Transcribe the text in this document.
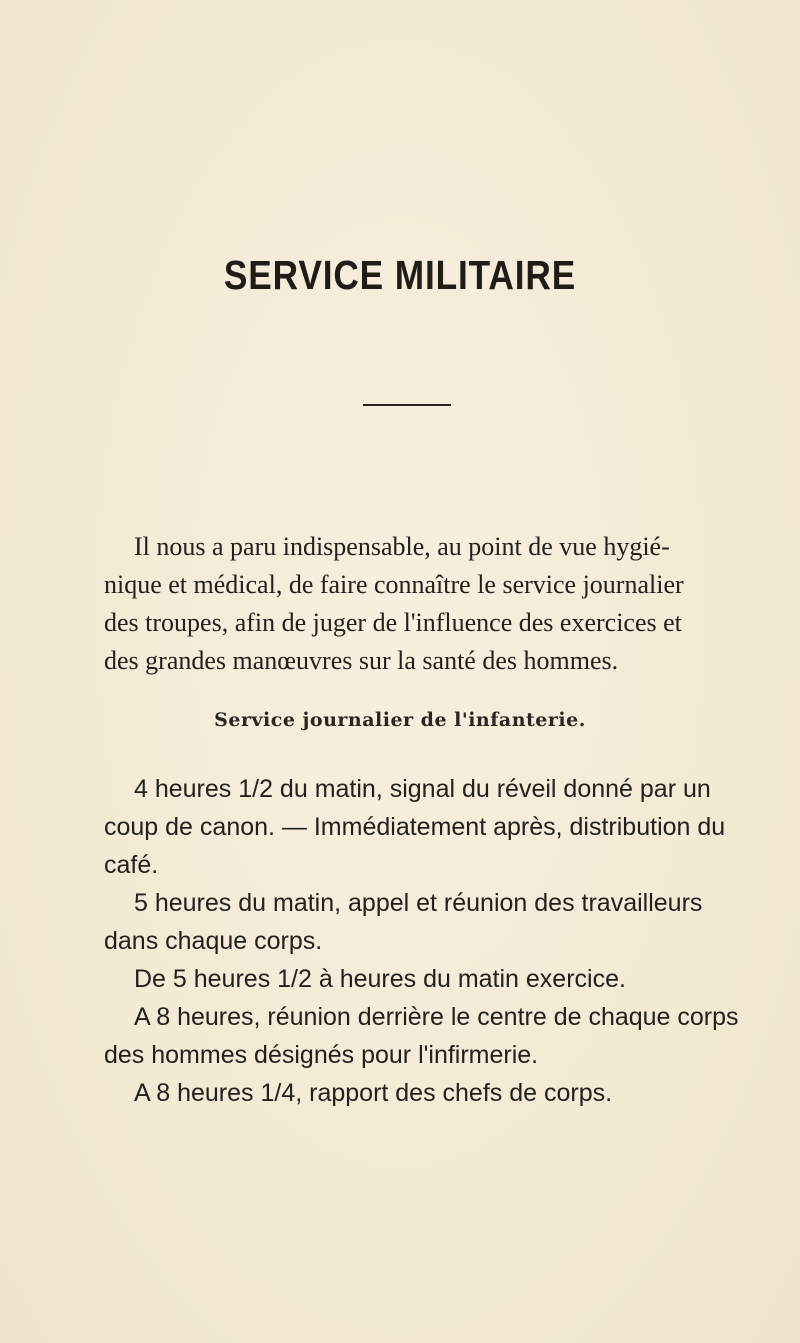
SERVICE MILITAIRE

Il nous a paru indispensable, au point de vue hygié-
nique et médical, de faire connaître le service journalier
des troupes, afin de juger de l'influence des exercices et
des grandes manœuvres sur la santé des hommes.

Service journalier de l'infanterie.

4 heures 1/2 du matin, signal du réveil donné par un
coup de canon. — Immédiatement après, distribution du
café.

5 heures du matin, appel et réunion des travailleurs
dans chaque corps.

De 5 heures 1/2 à heures du matin exercice.

A 8 heures, réunion derrière le centre de chaque corps
des hommes désignés pour l'infirmerie.

A 8 heures 1/4, rapport des chefs de corps.
